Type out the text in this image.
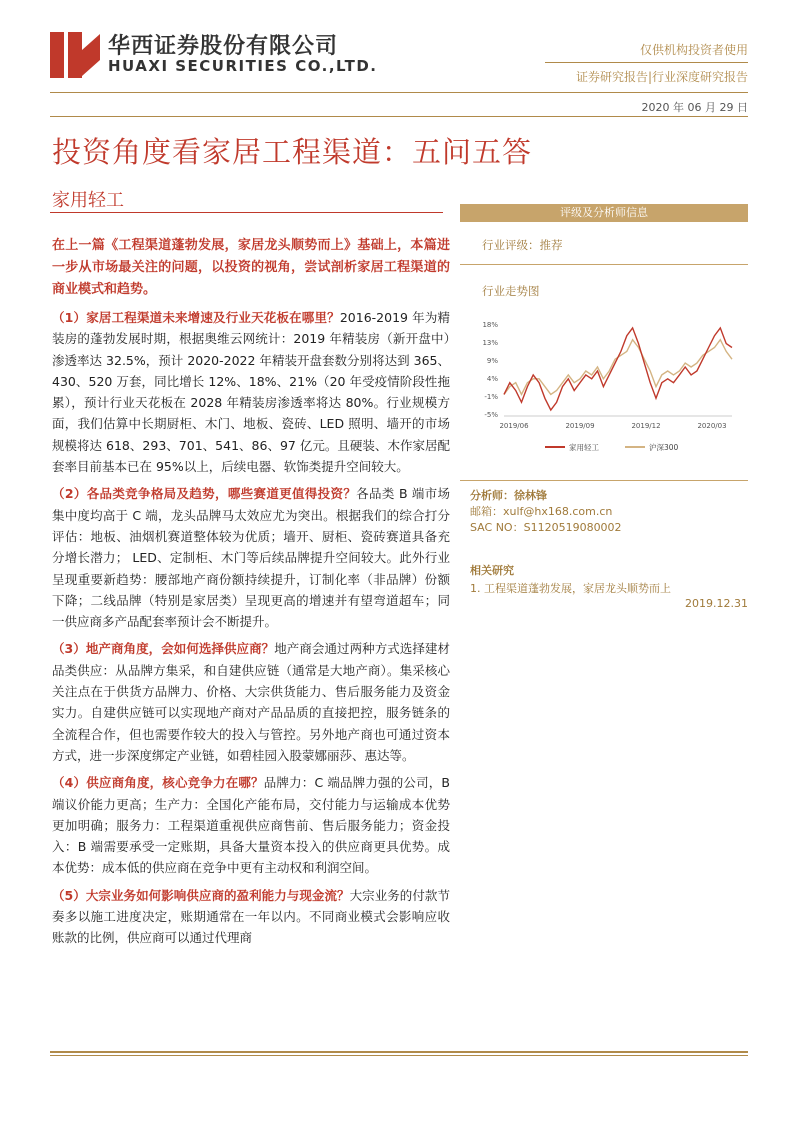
华西证券股份有限公司
HUAXI SECURITIES CO.,LTD.
仅供机构投资者使用
证券研究报告|行业深度研究报告
2020 年 06 月 29 日
投资角度看家居工程渠道：五问五答
家用轻工

在上一篇《工程渠道蓬勃发展，家居龙头顺势而上》基础上，本篇进一步从市场最关注的问题，以投资的视角，尝试剖析家居工程渠道的商业模式和趋势。

（1）家居工程渠道未来增速及行业天花板在哪里？2016-2019 年为精装房的蓬勃发展时期，根据奥维云网统计：2019 年精装房（新开盘中）渗透率达 32.5%，预计 2020-2022 年精装开盘套数分别将达到 365、430、520 万套，同比增长 12%、18%、21%（20 年受疫情阶段性拖累），预计行业天花板在 2028 年精装房渗透率将达 80%。行业规模方面，我们估算中长期厨柜、木门、地板、瓷砖、LED 照明、墙开的市场规模将达 618、293、701、541、86、97 亿元。且硬装、木作家居配套率目前基本已在 95%以上，后续电器、软饰类提升空间较大。

（2）各品类竞争格局及趋势，哪些赛道更值得投资？各品类 B 端市场集中度均高于 C 端，龙头品牌马太效应尤为突出。根据我们的综合打分评估：地板、油烟机赛道整体较为优质；墙开、厨柜、瓷砖赛道具备充分增长潜力； LED、定制柜、木门等后续品牌提升空间较大。此外行业呈现重要新趋势：腰部地产商份额持续提升，订制化率（非品牌）份额下降；二线品牌（特别是家居类）呈现更高的增速并有望弯道超车；同一供应商多产品配套率预计会不断提升。

（3）地产商角度，会如何选择供应商？地产商会通过两种方式选择建材品类供应：从品牌方集采，和自建供应链（通常是大地产商）。集采核心关注点在于供货方品牌力、价格、大宗供货能力、售后服务能力及资金实力。自建供应链可以实现地产商对产品品质的直接把控，服务链条的全流程合作，但也需要作较大的投入与管控。另外地产商也可通过资本方式，进一步深度绑定产业链，如碧桂园入股蒙娜丽莎、惠达等。

（4）供应商角度，核心竞争力在哪？品牌力：C 端品牌力强的公司，B 端议价能力更高；生产力：全国化产能布局，交付能力与运输成本优势更加明确；服务力：工程渠道重视供应商售前、售后服务能力；资金投入：B 端需要承受一定账期，具备大量资本投入的供应商更具优势。成本优势：成本低的供应商在竞争中更有主动权和利润空间。

（5）大宗业务如何影响供应商的盈利能力与现金流？大宗业务的付款节奏多以施工进度决定，账期通常在一年以内。不同商业模式会影响应收账款的比例，供应商可以通过代理商

评级及分析师信息
行业评级：推荐
行业走势图
18%
13%
9%
4%
-1%
-5%
2019/06	2019/09	2019/12	2020/03
家用轻工	沪深300
分析师：徐林锋
邮箱：xulf@hx168.com.cn
SAC NO：S1120519080002
相关研究
1. 工程渠道蓬勃发展，家居龙头顺势而上
2019.12.31
